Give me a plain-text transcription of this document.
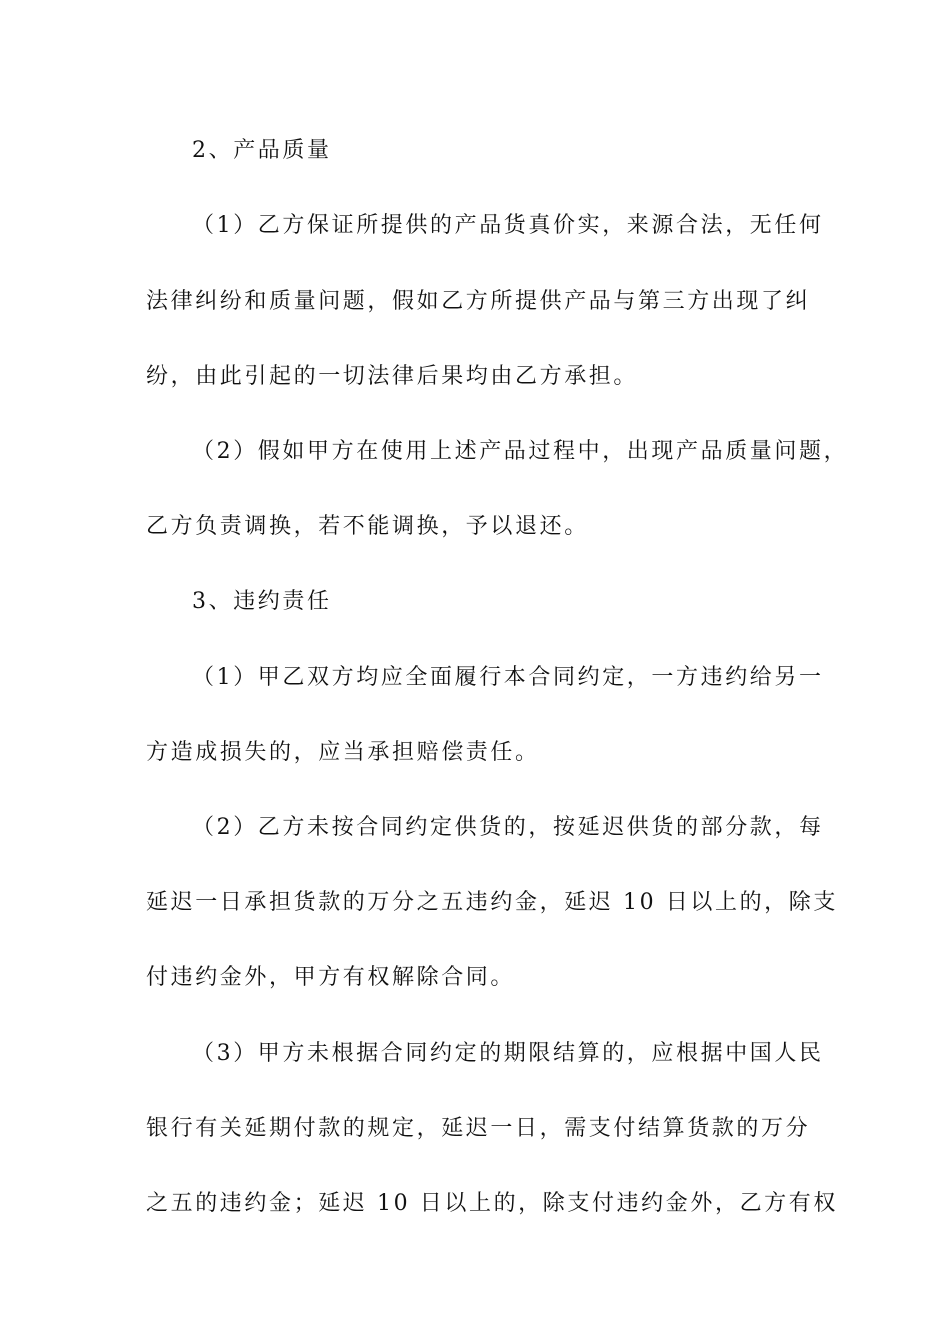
2、产品质量
（1）乙方保证所提供的产品货真价实，来源合法，无任何
法律纠纷和质量问题，假如乙方所提供产品与第三方出现了纠
纷，由此引起的一切法律后果均由乙方承担。
（2）假如甲方在使用上述产品过程中，出现产品质量问题，
乙方负责调换，若不能调换，予以退还。
3、违约责任
（1）甲乙双方均应全面履行本合同约定，一方违约给另一
方造成损失的，应当承担赔偿责任。
（2）乙方未按合同约定供货的，按延迟供货的部分款，每
延迟一日承担货款的万分之五违约金，延迟 10 日以上的，除支
付违约金外，甲方有权解除合同。
（3）甲方未根据合同约定的期限结算的，应根据中国人民
银行有关延期付款的规定，延迟一日，需支付结算货款的万分
之五的违约金；延迟 10 日以上的，除支付违约金外，乙方有权
